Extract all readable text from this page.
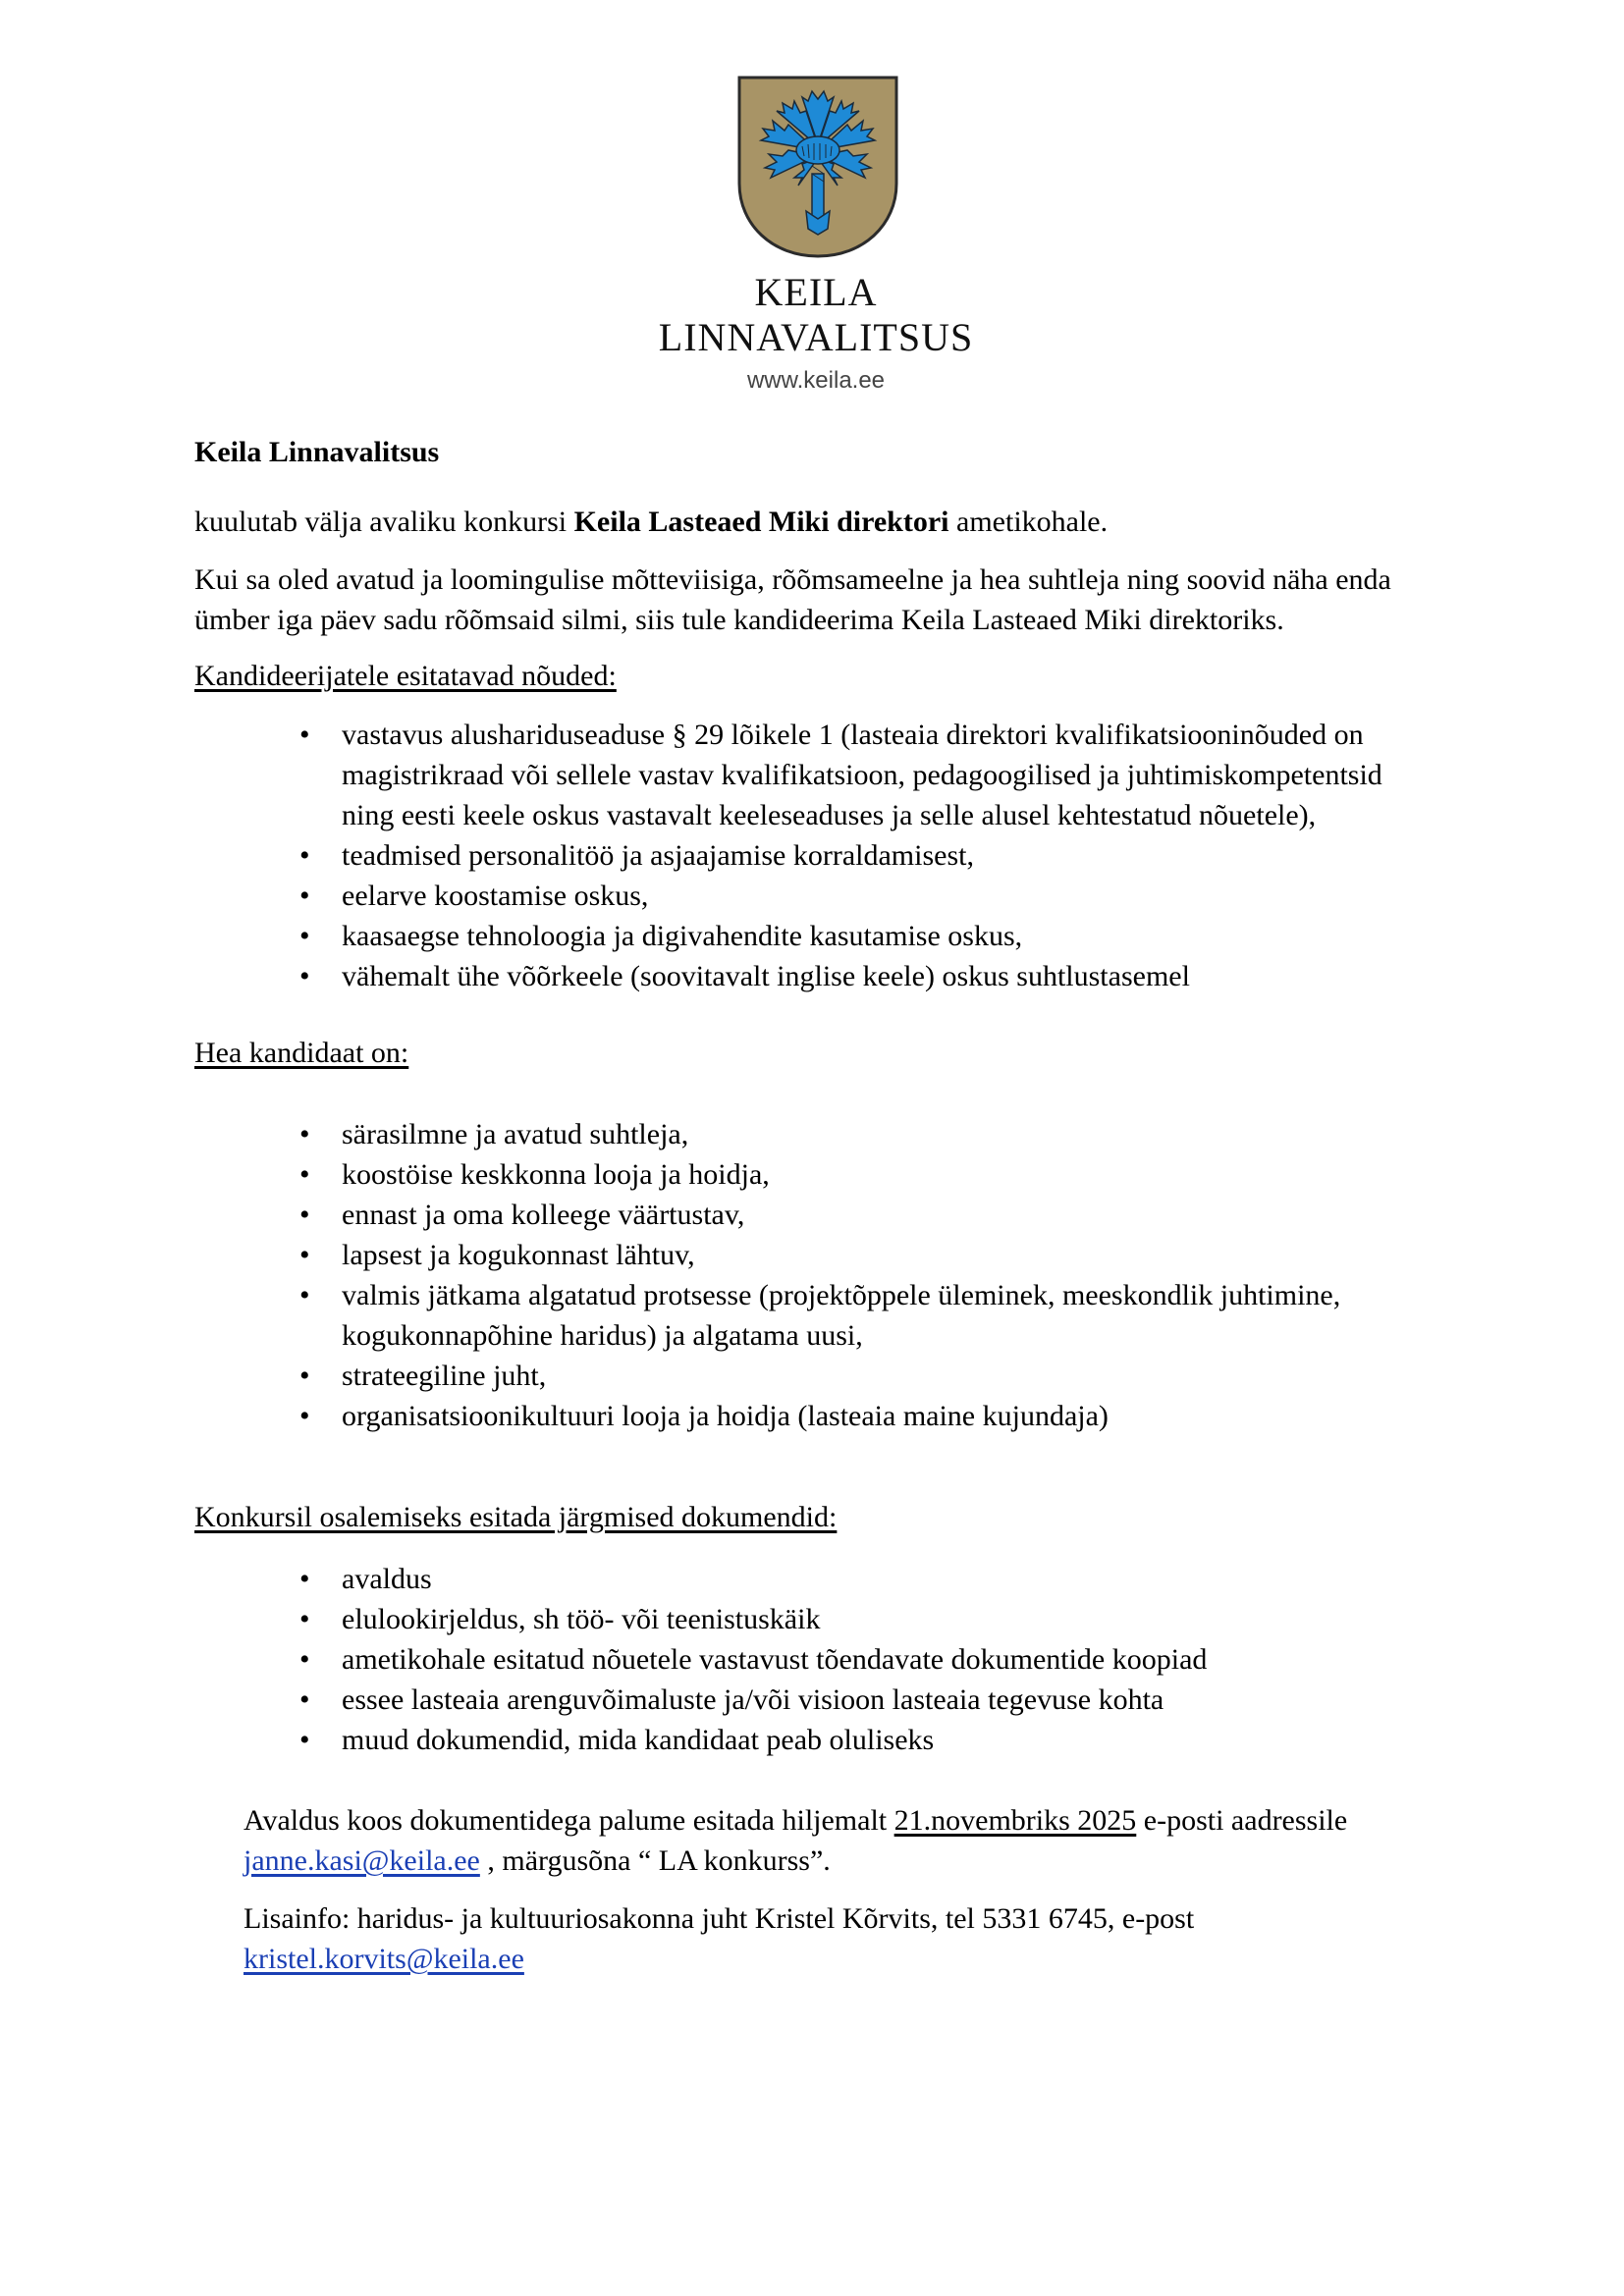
KEILA
LINNAVALITSUS
www.keila.ee

Keila Linnavalitsus

kuulutab välja avaliku konkursi Keila Lasteaed Miki direktori ametikohale.

Kui sa oled avatud ja loomingulise mõtteviisiga, rõõmsameelne ja hea suhtleja ning soovid näha enda ümber iga päev sadu rõõmsaid silmi, siis tule kandideerima Keila Lasteaed Miki direktoriks.

Kandideerijatele esitatavad nõuded:

•	vastavus alushariduseaduse § 29 lõikele 1 (lasteaia direktori kvalifikatsiooninõuded on magistrikraad või sellele vastav kvalifikatsioon, pedagoogilised ja juhtimiskompetentsid ning eesti keele oskus vastavalt keeleseaduses ja selle alusel kehtestatud nõuetele),
•	teadmised personalitöö ja asjaajamise korraldamisest,
•	eelarve koostamise oskus,
•	kaasaegse tehnoloogia ja digivahendite kasutamise oskus,
•	vähemalt ühe võõrkeele (soovitavalt inglise keele) oskus suhtlustasemel

Hea kandidaat on:

•	särasilmne ja avatud suhtleja,
•	koostöise keskkonna looja ja hoidja,
•	ennast ja oma kolleege väärtustav,
•	lapsest ja kogukonnast lähtuv,
•	valmis jätkama algatatud protsesse (projektõppele üleminek, meeskondlik juhtimine, kogukonnapõhine haridus) ja algatama uusi,
•	strateegiline juht,
•	organisatsioonikultuuri looja ja hoidja (lasteaia maine kujundaja)

Konkursil osalemiseks esitada järgmised dokumendid:

•	avaldus
•	elulookirjeldus, sh töö- või teenistuskäik
•	ametikohale esitatud nõuetele vastavust tõendavate dokumentide koopiad
•	essee lasteaia arenguvõimaluste ja/või visioon lasteaia tegevuse kohta
•	muud dokumendid, mida kandidaat peab oluliseks

Avaldus koos dokumentidega palume esitada hiljemalt 21.novembriks 2025 e-posti aadressile janne.kasi@keila.ee , märgusõna “ LA konkurss”.

Lisainfo: haridus- ja kultuuriosakonna juht Kristel Kõrvits, tel 5331 6745, e-post kristel.korvits@keila.ee
